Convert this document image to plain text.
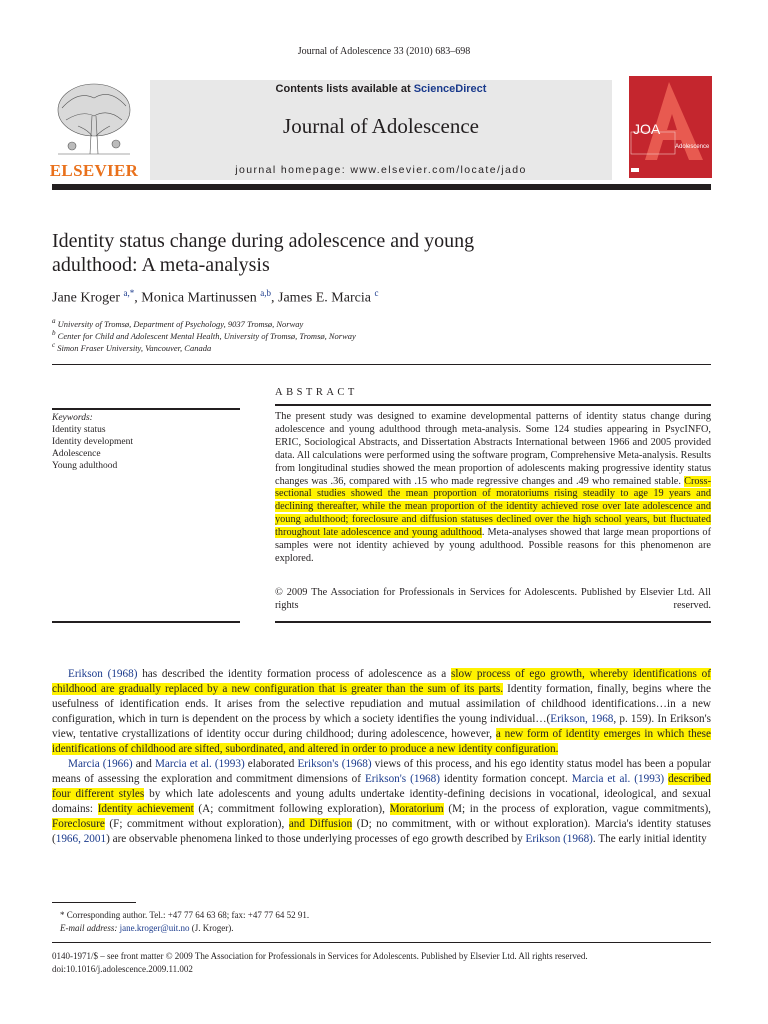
Journal of Adolescence 33 (2010) 683–698
ELSEVIER
Contents lists available at ScienceDirect
Journal of Adolescence
journal homepage: www.elsevier.com/locate/jado
JOA
Adolescence
Identity status change during adolescence and young
adulthood: A meta-analysis
Jane Kroger $^{a,*}$, Monica Martinussen $^{a,b}$, James E. Marcia $^c$
$^a$ University of Tromsø, Department of Psychology, 9037 Tromsø, Norway
$^b$ Center for Child and Adolescent Mental Health, University of Tromsø, Tromsø, Norway
$^c$ Simon Fraser University, Vancouver, Canada
ABSTRACT
Keywords:
Identity status
Identity development
Adolescence
Young adulthood
The present study was designed to examine developmental patterns of identity status change during adolescence and young adulthood through meta-analysis. Some 124 studies appearing in PsycINFO, ERIC, Sociological Abstracts, and Dissertation Abstracts International between 1966 and 2005 provided data. All calculations were performed using the software program, Comprehensive Meta-analysis. Results from longitudinal studies showed the mean proportion of adolescents making progressive identity status changes was .36, compared with .15 who made regressive changes and .49 who remained stable. Cross-sectional studies showed the mean proportion of moratoriums rising steadily to age 19 years and declining thereafter, while the mean proportion of the identity achieved rose over late adolescence and young adulthood; foreclosure and diffusion statuses declined over the high school years, but fluctuated throughout late adolescence and young adulthood. Meta-analyses showed that large mean proportions of samples were not identity achieved by young adulthood. Possible reasons for this phenomenon are explored.
© 2009 The Association for Professionals in Services for Adolescents. Published by Elsevier Ltd. All rights reserved.

Erikson (1968) has described the identity formation process of adolescence as a slow process of ego growth, whereby identifications of childhood are gradually replaced by a new configuration that is greater than the sum of its parts. Identity formation, finally, begins where the usefulness of identification ends. It arises from the selective repudiation and mutual assimilation of childhood identifications…in a new configuration, which in turn is dependent on the process by which a society identifies the young individual…(Erikson, 1968, p. 159). In Erikson's view, tentative crystallizations of identity occur during childhood; during adolescence, however, a new form of identity emerges in which these identifications of childhood are sifted, subordinated, and altered in order to produce a new identity configuration.

Marcia (1966) and Marcia et al. (1993) elaborated Erikson's (1968) views of this process, and his ego identity status model has been a popular means of assessing the exploration and commitment dimensions of Erikson's (1968) identity formation concept. Marcia et al. (1993) described four different styles by which late adolescents and young adults undertake identity-defining decisions in vocational, ideological, and sexual domains: Identity achievement (A; commitment following exploration), Moratorium (M; in the process of exploration, vague commitments), Foreclosure (F; commitment without exploration), and Diffusion (D; no commitment, with or without exploration). Marcia's identity statuses (1966, 2001) are observable phenomena linked to those underlying processes of ego growth described by Erikson (1968). The early initial identity

* Corresponding author. Tel.: +47 77 64 63 68; fax: +47 77 64 52 91.
E-mail address: jane.kroger@uit.no (J. Kroger).
0140-1971/$ – see front matter © 2009 The Association for Professionals in Services for Adolescents. Published by Elsevier Ltd. All rights reserved.
doi:10.1016/j.adolescence.2009.11.002
